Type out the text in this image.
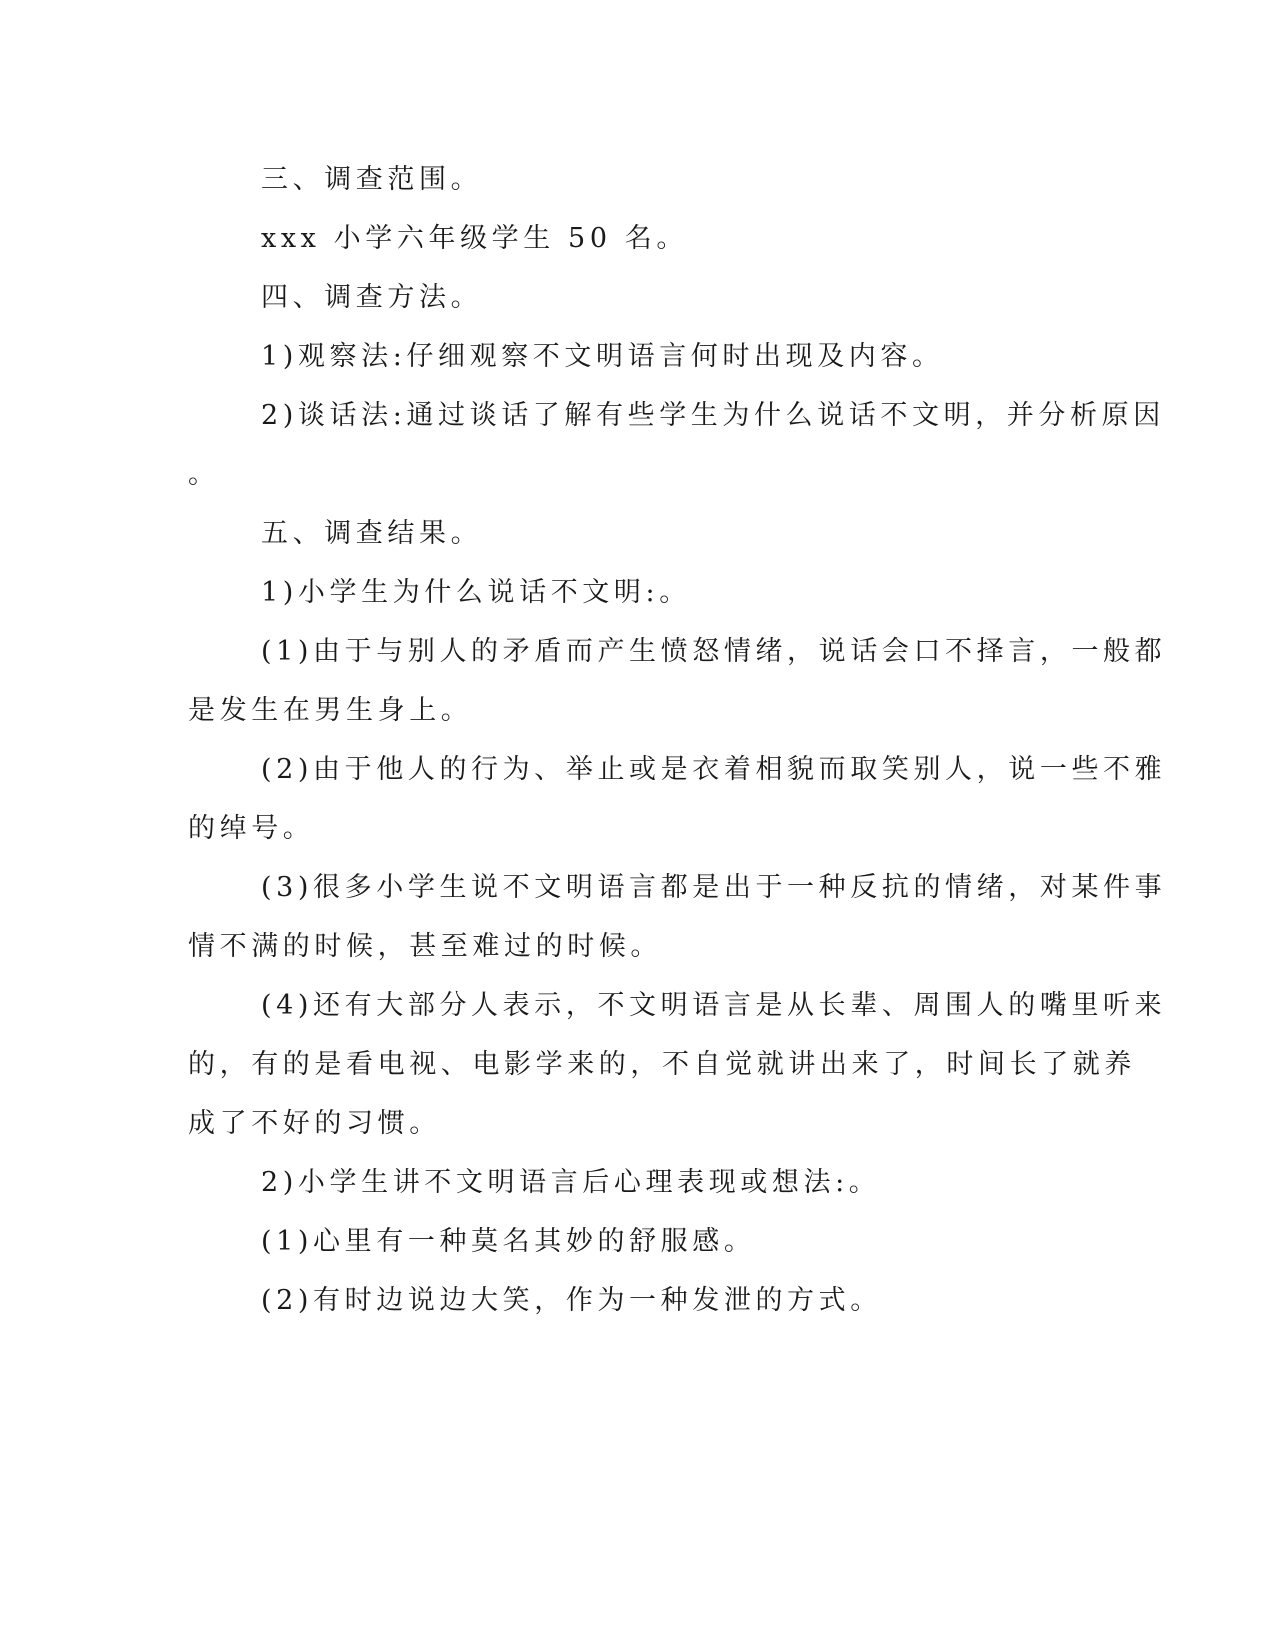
三、调查范围。
xxx 小学六年级学生 50 名。
四、调查方法。
1)观察法:仔细观察不文明语言何时出现及内容。
2)谈话法:通过谈话了解有些学生为什么说话不文明，并分析原因
。
五、调查结果。
1)小学生为什么说话不文明:。
(1)由于与别人的矛盾而产生愤怒情绪，说话会口不择言，一般都
是发生在男生身上。
(2)由于他人的行为、举止或是衣着相貌而取笑别人，说一些不雅
的绰号。
(3)很多小学生说不文明语言都是出于一种反抗的情绪，对某件事
情不满的时候，甚至难过的时候。
(4)还有大部分人表示，不文明语言是从长辈、周围人的嘴里听来
的，有的是看电视、电影学来的，不自觉就讲出来了，时间长了就养
成了不好的习惯。
2)小学生讲不文明语言后心理表现或想法:。
(1)心里有一种莫名其妙的舒服感。
(2)有时边说边大笑，作为一种发泄的方式。
